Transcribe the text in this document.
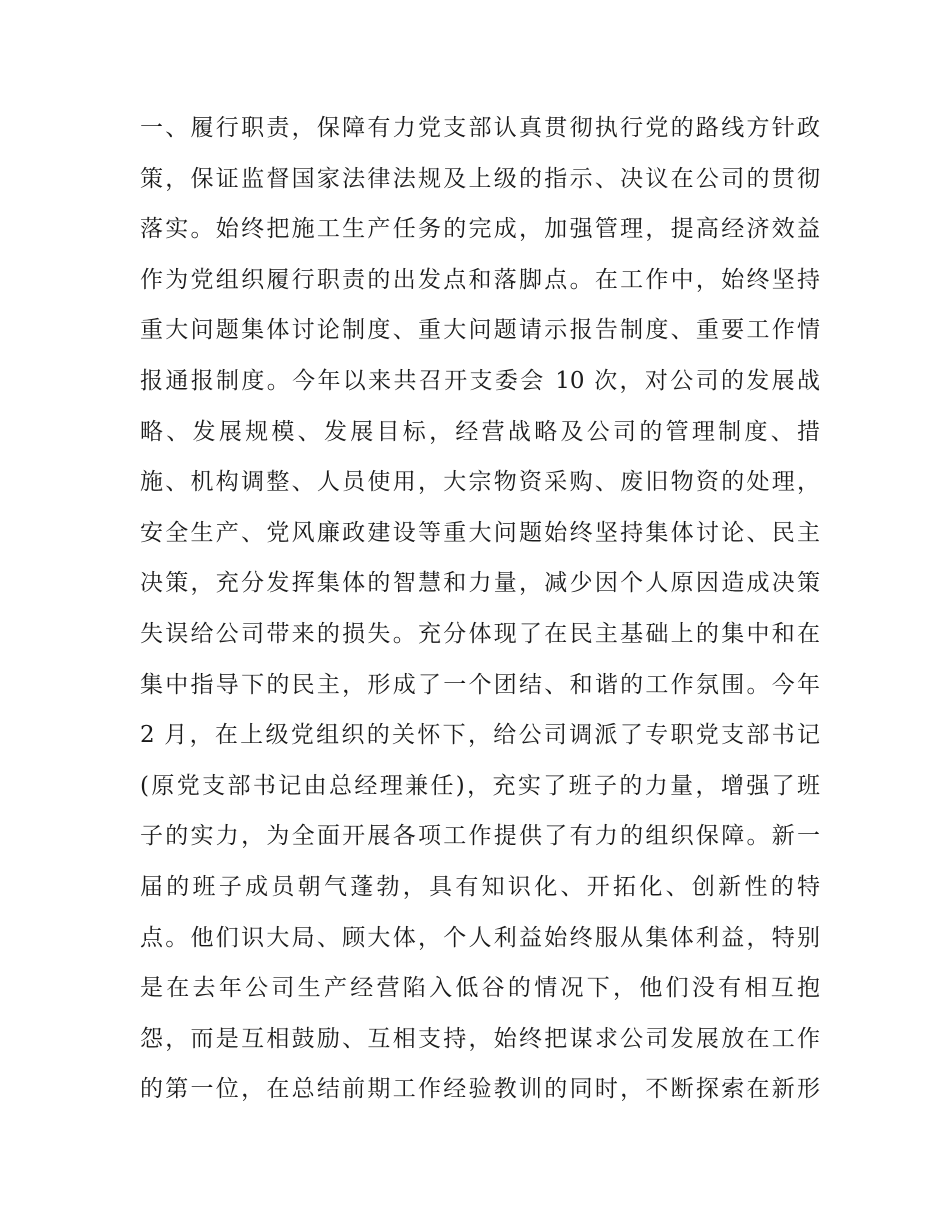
一、履行职责，保障有力党支部认真贯彻执行党的路线方针政
策，保证监督国家法律法规及上级的指示、决议在公司的贯彻
落实。始终把施工生产任务的完成，加强管理，提高经济效益
作为党组织履行职责的出发点和落脚点。在工作中，始终坚持
重大问题集体讨论制度、重大问题请示报告制度、重要工作情
报通报制度。今年以来共召开支委会 10 次，对公司的发展战
略、发展规模、发展目标，经营战略及公司的管理制度、措
施、机构调整、人员使用，大宗物资采购、废旧物资的处理，
安全生产、党风廉政建设等重大问题始终坚持集体讨论、民主
决策，充分发挥集体的智慧和力量，减少因个人原因造成决策
失误给公司带来的损失。充分体现了在民主基础上的集中和在
集中指导下的民主，形成了一个团结、和谐的工作氛围。今年
2 月，在上级党组织的关怀下，给公司调派了专职党支部书记
(原党支部书记由总经理兼任)，充实了班子的力量，增强了班
子的实力，为全面开展各项工作提供了有力的组织保障。新一
届的班子成员朝气蓬勃，具有知识化、开拓化、创新性的特
点。他们识大局、顾大体，个人利益始终服从集体利益，特别
是在去年公司生产经营陷入低谷的情况下，他们没有相互抱
怨，而是互相鼓励、互相支持，始终把谋求公司发展放在工作
的第一位，在总结前期工作经验教训的同时，不断探索在新形
